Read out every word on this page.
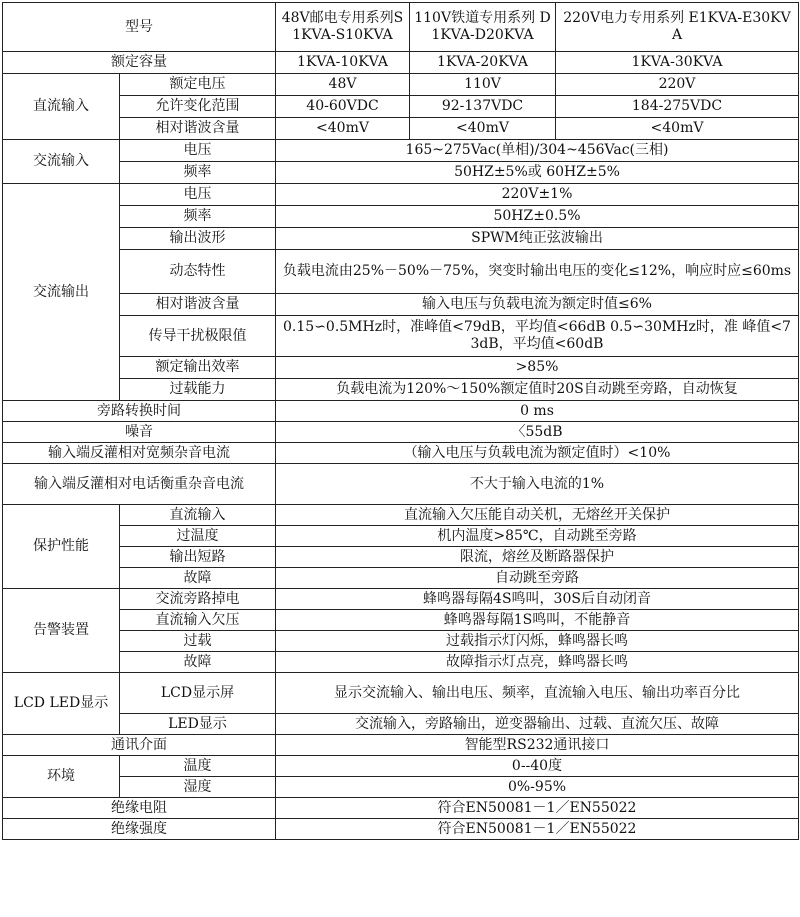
型号		48V邮电专用系列S1KVA-S10KVA	110V铁道专用系列 D1KVA-D20KVA	220V电力专用系列 E1KVA-E30KVA
额定容量		1KVA-10KVA	1KVA-20KVA	1KVA-30KVA
直流输入	额定电压	48V	110V	220V
	允许变化范围	40-60VDC	92-137VDC	184-275VDC
	相对谐波含量	<40mV	<40mV	<40mV
交流输入	电压	165~275Vac(单相)/304~456Vac(三相)		
	频率	50HZ±5%或 60HZ±5%		
交流输出	电压	220V±1%		
	频率	50HZ±0.5%		
	输出波形	SPWM纯正弦波输出		
	动态特性	负载电流由25%－50%－75%，突变时输出电压的变化≤12%，响应时应≤60ms		
	相对谐波含量	输入电压与负载电流为额定时值≤6%		
	传导干扰极限值	0.15∽0.5MHz时，准峰值<79dB，平均值<66dB 0.5∽30MHz时，准 峰值<73dB，平均值<60dB		
	额定输出效率	>85%		
	过载能力	负载电流为120%～150%额定值时20S自动跳至旁路，自动恢复		
旁路转换时间		0 ms		
噪音		〈55dB		
输入端反灌相对宽频杂音电流		（输入电压与负载电流为额定值时）<10%		
输入端反灌相对电话衡重杂音电流		不大于输入电流的1%		
保护性能	直流输入	直流输入欠压能自动关机，无熔丝开关保护		
	过温度	机内温度>85℃，自动跳至旁路		
	输出短路	限流，熔丝及断路器保护		
	故障	自动跳至旁路		
告警装置	交流旁路掉电	蜂鸣器每隔4S鸣叫，30S后自动闭音		
	直流输入欠压	蜂鸣器每隔1S鸣叫，不能静音		
	过载	过载指示灯闪烁，蜂鸣器长鸣		
	故障	故障指示灯点亮，蜂鸣器长鸣		
LCD LED显示	LCD显示屏	显示交流输入、输出电压、频率，直流输入电压、输出功率百分比		
	LED显示	交流输入，旁路输出，逆变器输出、过载、直流欠压、故障		
通讯介面		智能型RS232通讯接口		
环境	温度	0--40度		
	湿度	0%-95%		
绝缘电阻		符合EN50081－1／EN55022		
绝缘强度		符合EN50081－1／EN55022		
